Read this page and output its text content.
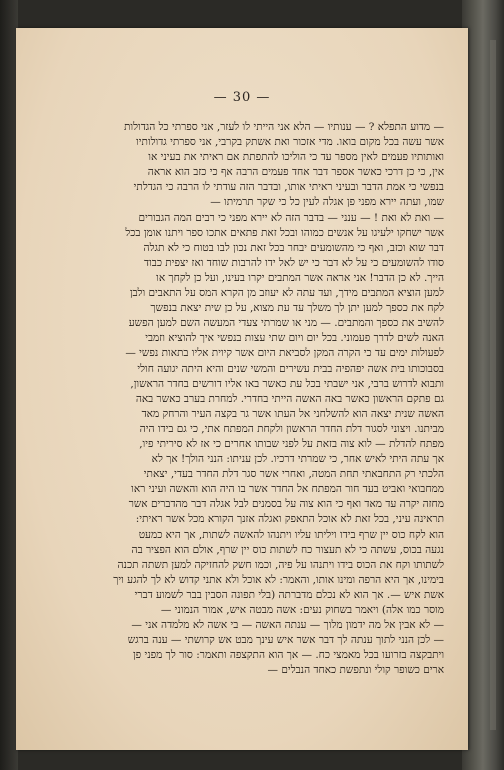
— 30 —

— מדוע התפלא ? — ענותיו — הלא אני הייתי לו לעזר, אני ספרתי כל הגדולות

אשר עשה בכל מקום בואו. מדי אזכור ואת אשתק בקרבי, אני ספרתי גדולותיו

ואותותיו פעמים לאין מספר עד כי הוליכו להתפתת אם ראיתי את בעיני או

אין, כי כן דרכי כאשר אספר דבר אחד פעמים הרבה אף כי כזב הוא אראה

בנפשי כי אמת הדבר ובעיני ראיתי אותו, ובדבר הזה עודתי לו הרבה כי הגדלתי

שמו, ועתה יירא מפני פן אגלה לעין כל כי שקר תרמיתו —

— ואת לא ואת ! — ענני — בדבר הזה לא יירא מפני כי רבים המה הגבורים

אשר ישחקו ילעיגו על אנשים כמוהו ובכל זאת פתאים אתכו ספר ויתנו אומן בכל

דבר שוא וכזב, ואף כי מהשומעים יבחר בכל זאת נכון לבו בטוח כי לא תגלה

סודו להשומעים כי על לא דבר כי יש לאל ידו להרבות שוחד ואז יצפית כבוד

הייך. לא כן הדבר! אני אראה אשר המתבים יקרו בעינו, ועל כן לקחך או

למען הוציא המתבים מידך, ועד עתה לא יעוזב מן הקרא המס על התאבים ולבן

לקח את כספך למען יתן לך משלך עד עת מצוא, על כן שית יצאת בנפשך

להשיב את כספך והמתבים. — מני או שמרתי צעדי המעשה השם למען הפשע

האנה לשים לדרך פעמוני. בכל יום ויום שתי עצות בנפשי איך להוציא וזמבי

לפעולות ימים עד כי הקרה המקן לסביאת היום אשר קיוית אליו בתאות נפשי —

בסבוכותו בית אשה יפהפיה בבית עשירים והמשי שנים והיא היתה יגועה חולי

ותבוא לדרוש ברבי, אני ישבתי בכל עת כאשר באו אליו דורשים בחדר הראשון,

גם פתקם הראשון כאשר באה האשה הייתי בחדרי. למחרת בערב כאשר באה

האשה שנית יצאה הוא להשלחני אל העתו אשר גר בקצה העיר והרחק מאד

מביתנו. ויצוני לסגור דלת החדר הראשון ולקחת המפתח אתי, כי גם בידו היה

מפתח להדלת — לוא צוה בזאת על לפני שבותו אחרים כי אז לא סיריתי פיו,

אך עתה היתי לאיש אחר, כי שמרתי דרכיו. לכן עניתו: הנני הולך! אך לא

הלכתי רק התחבאתי תחת המטה, ואחרי אשר סגר דלת החדר בעדי, יצאתי

ממחבואי ואביט בעד חור המפתח אל החדר אשר בו היה הוא והאשה ועיני ראו

מחזה יקרה עד מאד ואף כי הוא צוה על בסמנים לבל אגלה דבר מהדברים אשר

תראינה עיני, בכל זאת לא אוכל התאפק ואגלה אזנך הקורא מכל אשר ראיתי:

הוא לקח כוס יין שרף בידו ויליתו עליו ויתנהו להאשה לשתות, אך היא כמעט

נגעה בכוס, עשתה כי לא תעצור כח לשתות כוס יין שרף, אולם הוא הפציר בה

לשתותו וקח את הכוס בידו ויתנהו על פיה, וכמו חשק להחזיקה למען תשתה תכנה

בימינו, אך היא הרפה ומינו אותו, והאמר: לא אוכל ולא אתני קדוש לא לך להגע ויך

אשת איש —. אך הוא לא נכלם מדברתה (בלי תפונה הסבין בבר לשמוע דברי

מוסר כמו אלה) ויאמר בשחוק נעים: אשה מבטה איש, אמור הנמוני —

— לא אבין אל מה ידמון מלוך — ענתה האשה — בי אשה לא מלמדה אני —

— לכן הנני לתוך ענתה לך דבר אשר איש עינך מבט אש קרושתי — ענה ברגש

ויתבקצה בזרועו בכל מאמצי כח. — אך הוא התקצפה ותאמר: סור לך מפני פן

ארים כשופר קולי ונתפשת כאחד הנבלים —
